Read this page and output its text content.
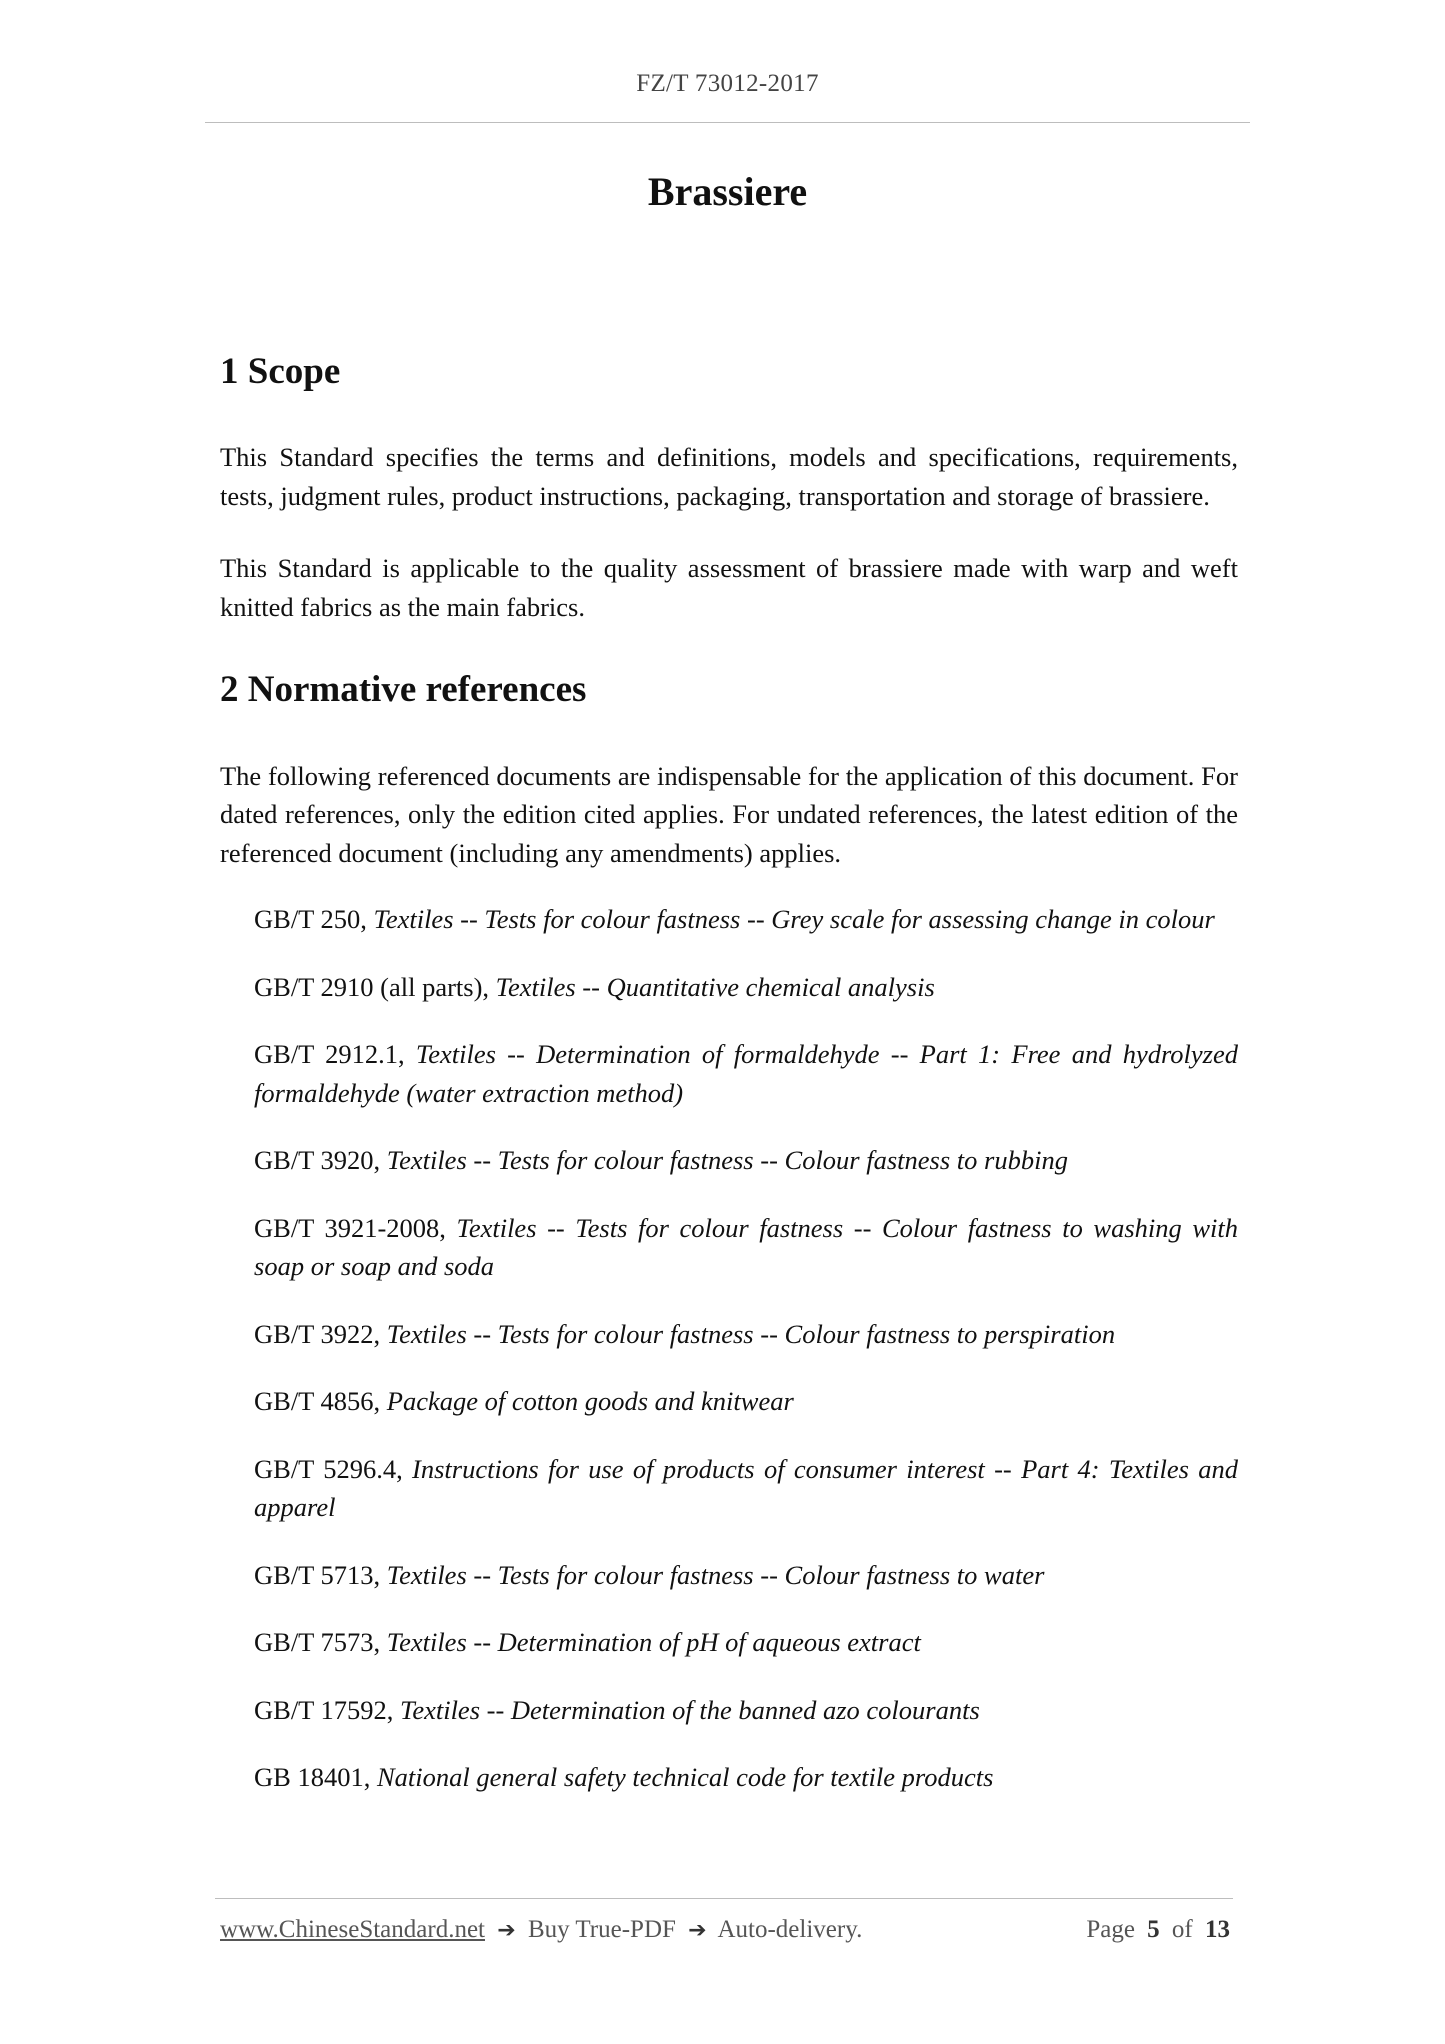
FZ/T 73012-2017
Brassiere
1 Scope

This Standard specifies the terms and definitions, models and specifications, requirements, tests, judgment rules, product instructions, packaging, transportation and storage of brassiere.

This Standard is applicable to the quality assessment of brassiere made with warp and weft knitted fabrics as the main fabrics.

2 Normative references

The following referenced documents are indispensable for the application of this document. For dated references, only the edition cited applies. For undated references, the latest edition of the referenced document (including any amendments) applies.

GB/T 250, Textiles -- Tests for colour fastness -- Grey scale for assessing change in colour
GB/T 2910 (all parts), Textiles -- Quantitative chemical analysis
GB/T 2912.1, Textiles -- Determination of formaldehyde -- Part 1: Free and hydrolyzed formaldehyde (water extraction method)
GB/T 3920, Textiles -- Tests for colour fastness -- Colour fastness to rubbing
GB/T 3921-2008, Textiles -- Tests for colour fastness -- Colour fastness to washing with soap or soap and soda
GB/T 3922, Textiles -- Tests for colour fastness -- Colour fastness to perspiration
GB/T 4856, Package of cotton goods and knitwear
GB/T 5296.4, Instructions for use of products of consumer interest -- Part 4: Textiles and apparel
GB/T 5713, Textiles -- Tests for colour fastness -- Colour fastness to water
GB/T 7573, Textiles -- Determination of pH of aqueous extract
GB/T 17592, Textiles -- Determination of the banned azo colourants
GB 18401, National general safety technical code for textile products
www.ChineseStandard.net ➔ Buy True-PDF ➔ Auto-delivery.	Page 5 of 13
